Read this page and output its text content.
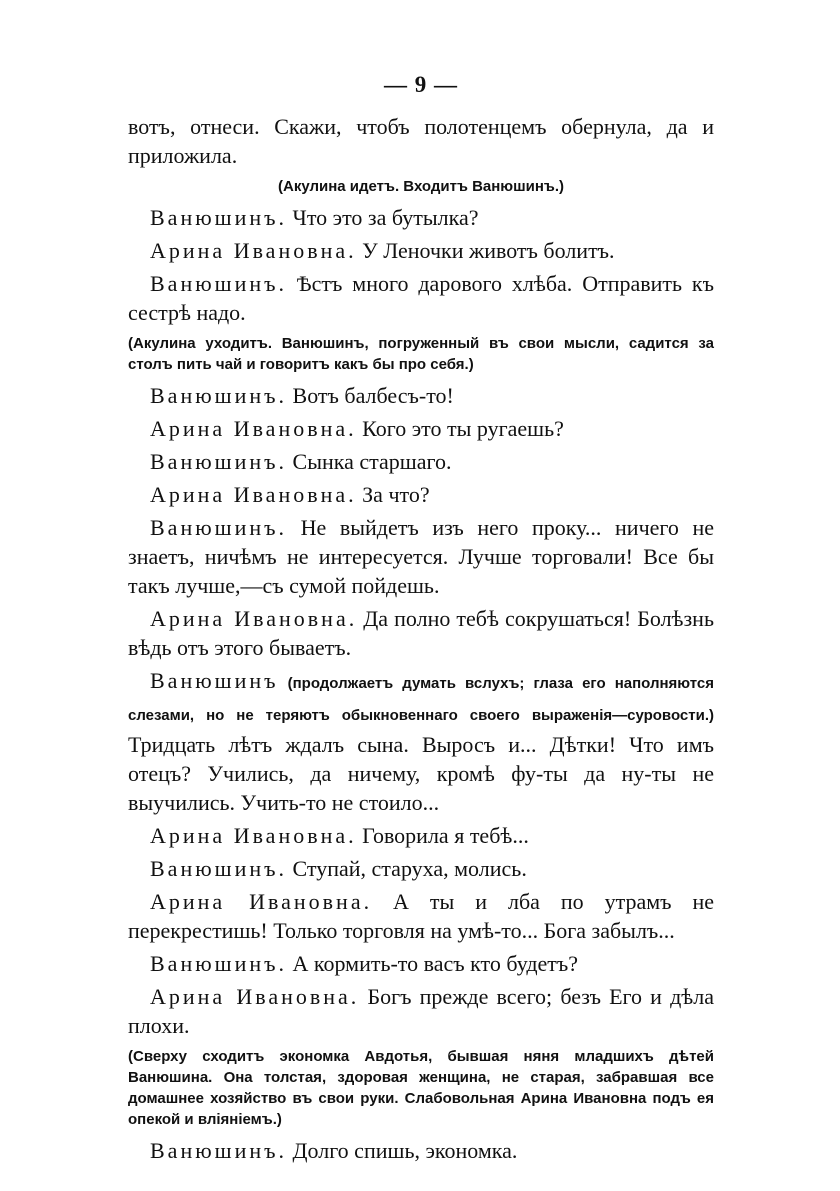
— 9 —

вотъ, отнеси. Скажи, чтобъ полотенцемъ обернула, да и приложила.

(Акулина идетъ. Входитъ Ванюшинъ.)

Ванюшинъ. Что это за бутылка?

Арина Ивановна. У Леночки животъ болитъ.

Ванюшинъ. Ѣстъ много дарового хлѣба. Отправить къ сестрѣ надо.

(Акулина уходитъ. Ванюшинъ, погруженный въ свои мысли, садится за столъ пить чай и говоритъ какъ бы про себя.)

Ванюшинъ. Вотъ балбесъ-то!

Арина Ивановна. Кого это ты ругаешь?

Ванюшинъ. Сынка старшаго.

Арина Ивановна. За что?

Ванюшинъ. Не выйдетъ изъ него проку... ничего не знаетъ, ничѣмъ не интересуется. Лучше торговали! Все бы такъ лучше,—съ сумой пойдешь.

Арина Ивановна. Да полно тебѣ сокрушаться! Болѣзнь вѣдь отъ этого бываетъ.

Ванюшинъ (продолжаетъ думать вслухъ; глаза его наполняются слезами, но не теряютъ обыкновеннаго своего выраженія—суровости.) Тридцать лѣтъ ждалъ сына. Выросъ и... Дѣтки! Что имъ отецъ? Учились, да ничему, кромѣ фу-ты да ну-ты не выучились. Учить-то не стоило...

Арина Ивановна. Говорила я тебѣ...

Ванюшинъ. Ступай, старуха, молись.

Арина Ивановна. А ты и лба по утрамъ не перекрестишь! Только торговля на умѣ-то... Бога забылъ...

Ванюшинъ. А кормить-то васъ кто будетъ?

Арина Ивановна. Богъ прежде всего; безъ Его и дѣла плохи.

(Сверху сходитъ экономка Авдотья, бывшая няня младшихъ дѣтей Ванюшина. Она толстая, здоровая женщина, не старая, забравшая все домашнее хозяйство въ свои руки. Слабовольная Арина Ивановна подъ ея опекой и вліяніемъ.)

Ванюшинъ. Долго спишь, экономка.
